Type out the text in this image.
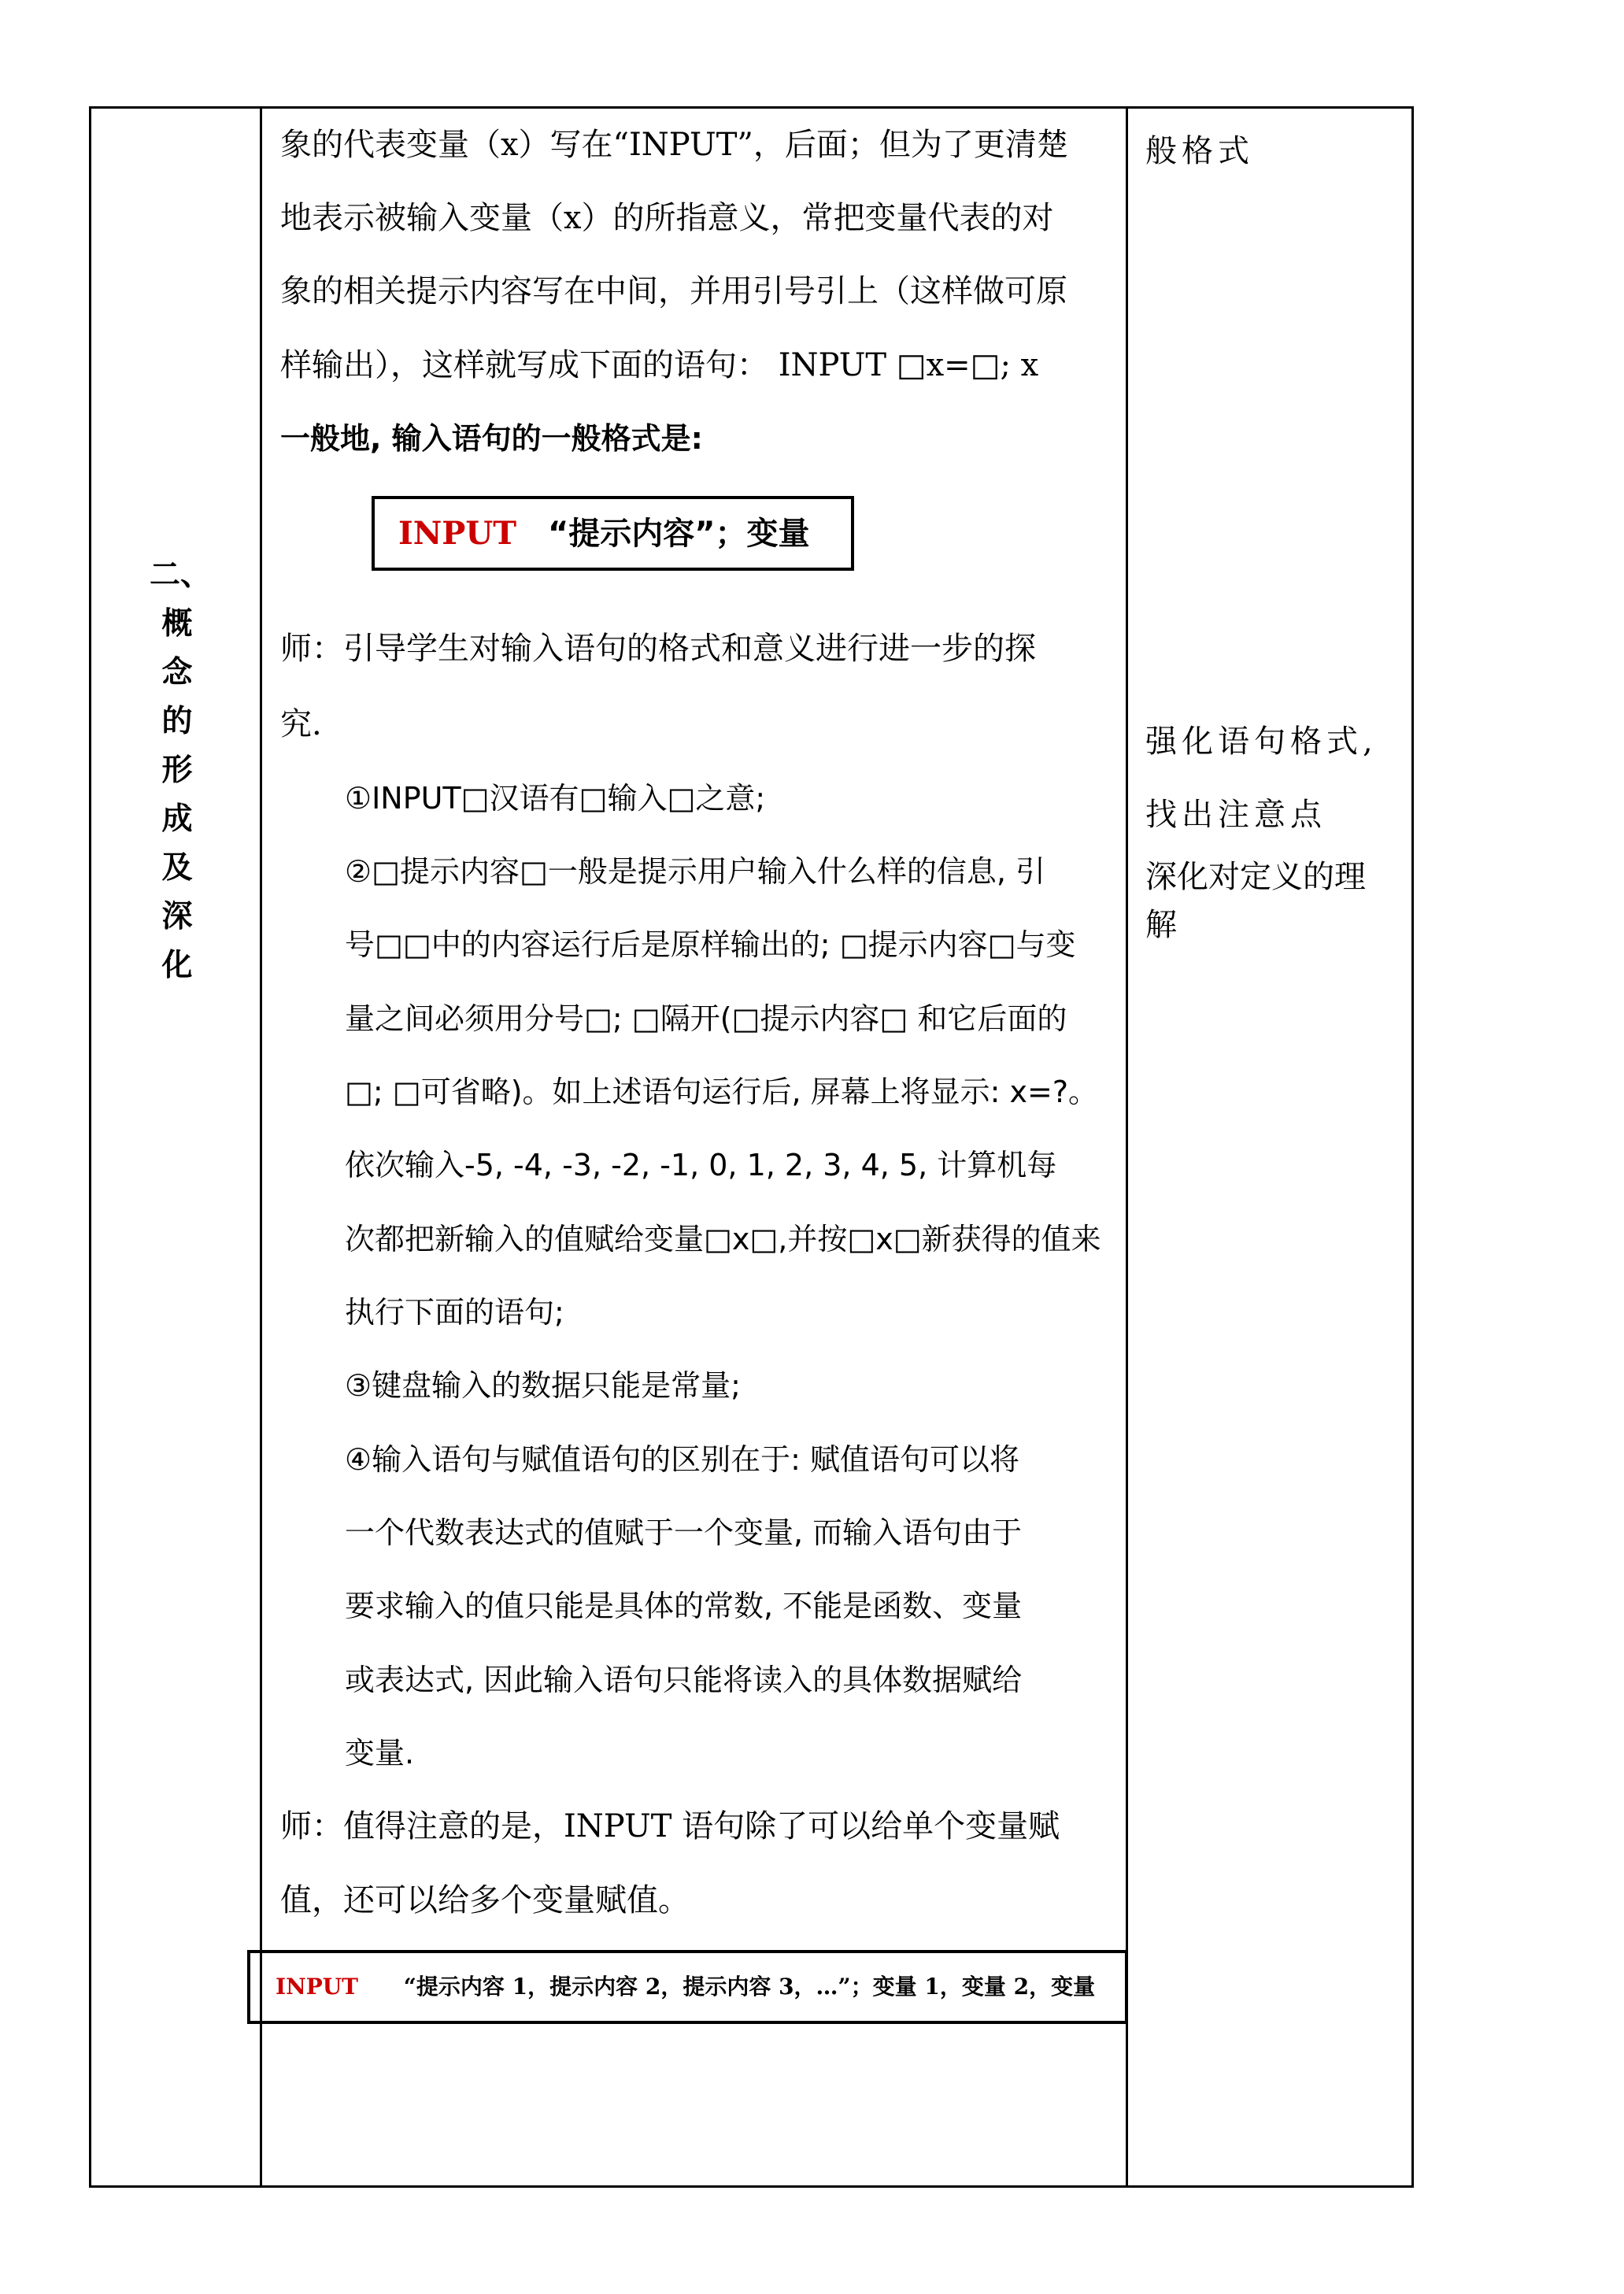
二、
概
念
的
形
成
及
深
化
象的代表变量（x）写在“INPUT”，后面；但为了更清楚
地表示被输入变量（x）的所指意义，常把变量代表的对
象的相关提示内容写在中间，并用引号引上（这样做可原
样输出），这样就写成下面的语句： INPUT □x=□; x
一般地, 输入语句的一般格式是:
INPUT “提示内容”；变量
师：引导学生对输入语句的格式和意义进行进一步的探
究.
①INPUT□汉语有□输入□之意;
②□提示内容□一般是提示用户输入什么样的信息, 引
号□□中的内容运行后是原样输出的; □提示内容□与变
量之间必须用分号□; □隔开(□提示内容□ 和它后面的
□; □可省略)。如上述语句运行后, 屏幕上将显示: x=?。
依次输入-5, -4, -3, -2, -1, 0, 1, 2, 3, 4, 5, 计算机每
次都把新输入的值赋给变量□x□,并按□x□新获得的值来
执行下面的语句;
③键盘输入的数据只能是常量;
④输入语句与赋值语句的区别在于: 赋值语句可以将
一个代数表达式的值赋于一个变量, 而输入语句由于
要求输入的值只能是具体的常数, 不能是函数、变量
或表达式, 因此输入语句只能将读入的具体数据赋给
变量.
师：值得注意的是，INPUT 语句除了可以给单个变量赋
值，还可以给多个变量赋值。
INPUT “提示内容 1，提示内容 2，提示内容 3，…”；变量 1，变量 2，变量
般格式
强化语句格式,
找出注意点
深化对定义的理
解
